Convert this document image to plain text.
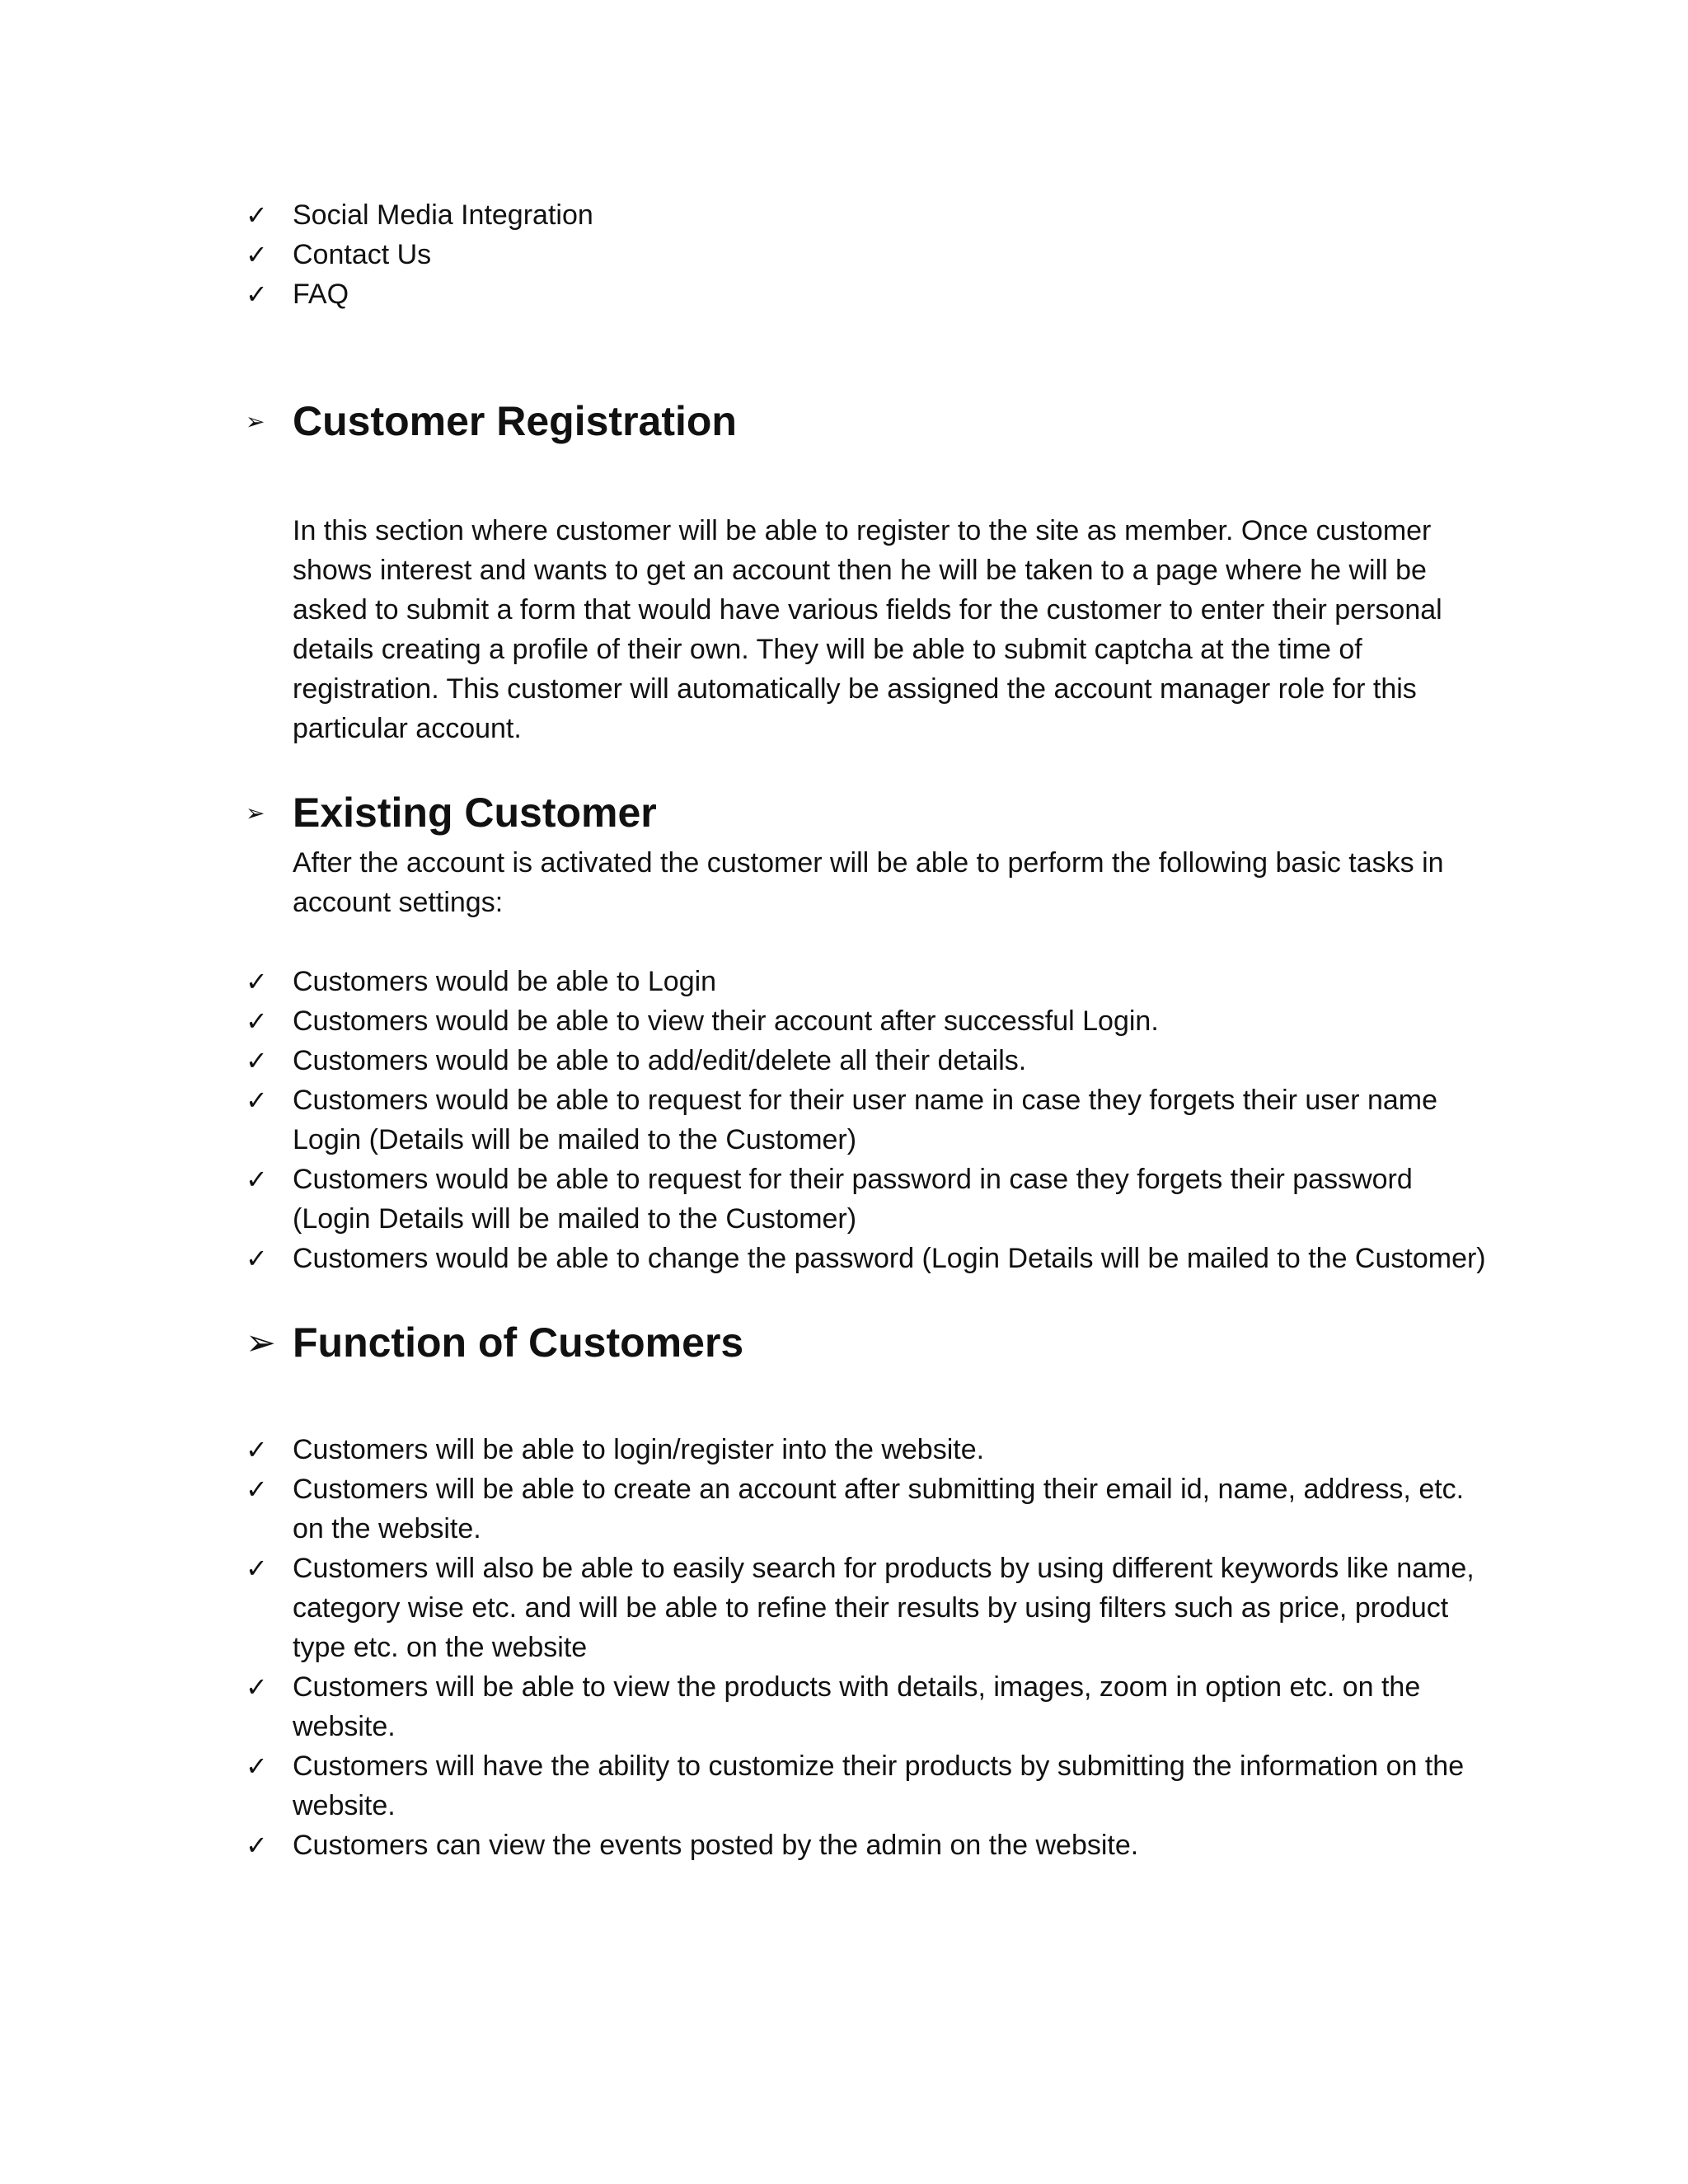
✓ Social Media Integration
✓ Contact Us
✓ FAQ
➢ Customer Registration
In this section where customer will be able to register to the site as member. Once customer shows interest and wants to get an account then he will be taken to a page where he will be asked to submit a form that would have various fields for the customer to enter their personal details creating a profile of their own. They will be able to submit captcha at the time of registration. This customer will automatically be assigned the account manager role for this particular account.
➢ Existing Customer
After the account is activated the customer will be able to perform the following basic tasks in account settings:
✓ Customers would be able to Login
✓ Customers would be able to view their account after successful Login.
✓ Customers would be able to add/edit/delete all their details.
✓ Customers would be able to request for their user name in case they forgets their user name Login (Details will be mailed to the Customer)
✓ Customers would be able to request for their password in case they forgets their password (Login Details will be mailed to the Customer)
✓ Customers would be able to change the password (Login Details will be mailed to the Customer)
➢ Function of Customers
✓ Customers will be able to login/register into the website.
✓ Customers will be able to create an account after submitting their email id, name, address, etc. on the website.
✓ Customers will also be able to easily search for products by using different keywords like name, category wise etc. and will be able to refine their results by using filters such as price, product type etc. on the website
✓ Customers will be able to view the products with details, images, zoom in option etc. on the website.
✓ Customers will have the ability to customize their products by submitting the information on the website.
✓ Customers can view the events posted by the admin on the website.
